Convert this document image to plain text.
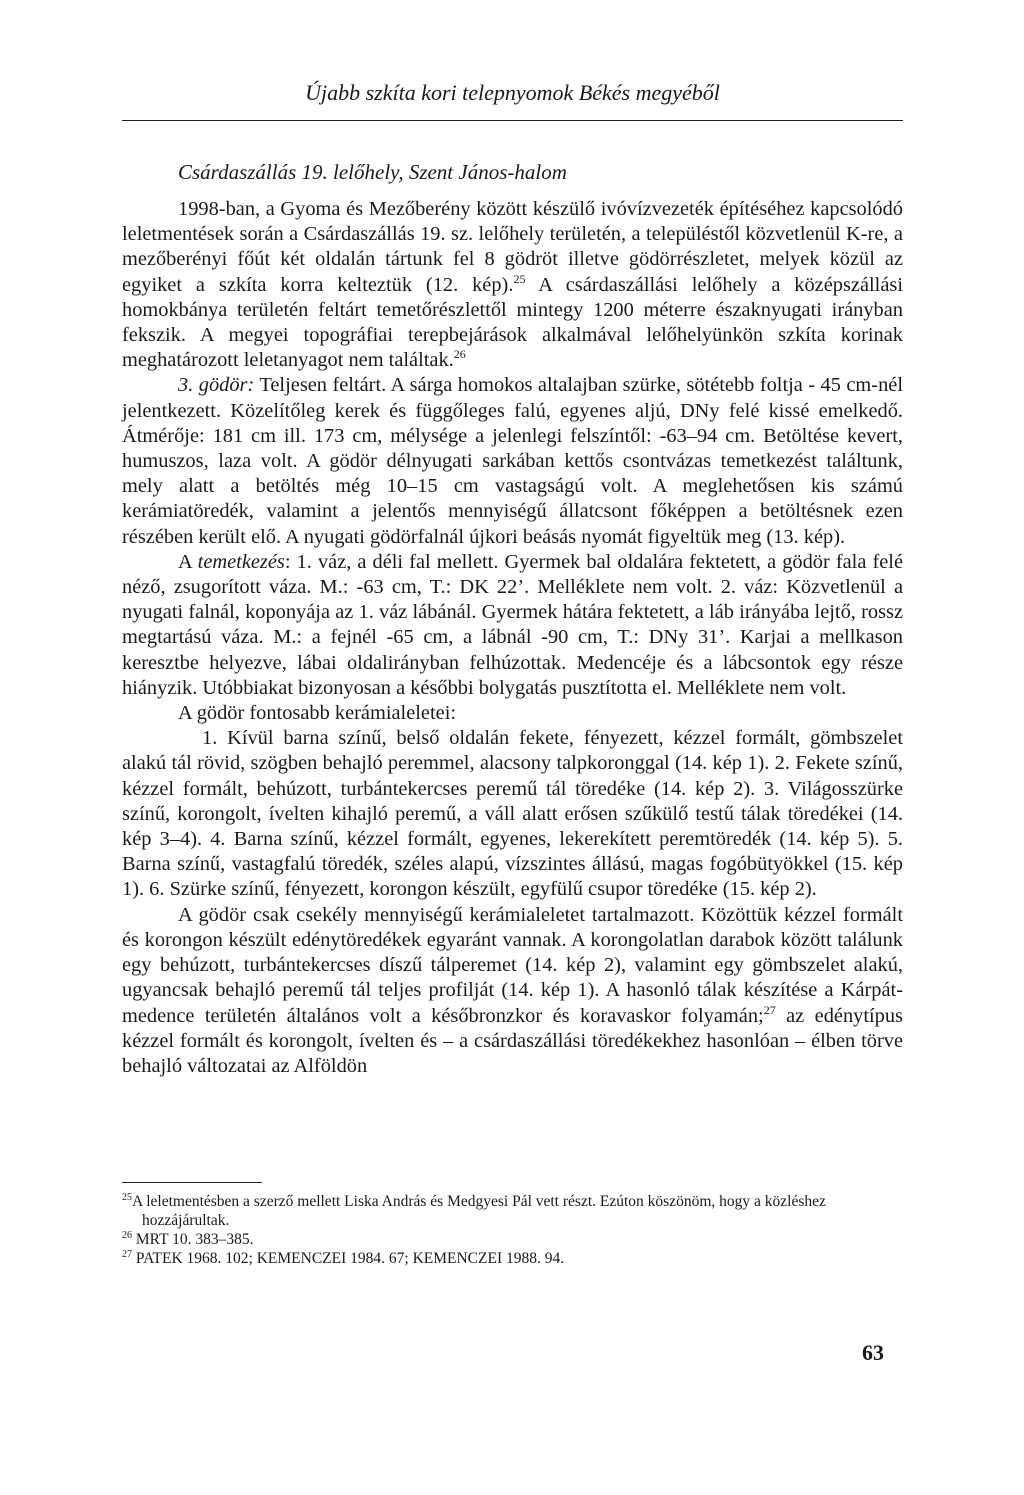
Újabb szkíta kori telepnyomok Békés megyéből
Csárdaszállás 19. lelőhely, Szent János-halom

1998-ban, a Gyoma és Mezőberény között készülő ivóvízvezeték építéséhez kapcsolódó leletmentések során a Csárdaszállás 19. sz. lelőhely területén, a településtől közvetlenül K-re, a mezőberényi főút két oldalán tártunk fel 8 gödröt illetve gödörrészletet, melyek közül az egyiket a szkíta korra kelteztük (12. kép).$^{25}$ A csárdaszállási lelőhely a középszállási homokbánya területén feltárt temetőrészlettől mintegy 1200 méterre északnyugati irányban fekszik. A megyei topográfiai terepbejárások alkalmával lelőhelyünkön szkíta korinak meghatározott leletanyagot nem találtak.$^{26}$

3. gödör: Teljesen feltárt. A sárga homokos altalajban szürke, sötétebb foltja - 45 cm-nél jelentkezett. Közelítőleg kerek és függőleges falú, egyenes aljú, DNy felé kissé emelkedő. Átmérője: 181 cm ill. 173 cm, mélysége a jelenlegi felszíntől: -63–94 cm. Betöltése kevert, humuszos, laza volt. A gödör délnyugati sarkában kettős csontvázas temetkezést találtunk, mely alatt a betöltés még 10–15 cm vastagságú volt. A meglehetősen kis számú kerámiatöredék, valamint a jelentős mennyiségű állatcsont főképpen a betöltésnek ezen részében került elő. A nyugati gödörfalnál újkori beásás nyomát figyeltük meg (13. kép).

A temetkezés: 1. váz, a déli fal mellett. Gyermek bal oldalára fektetett, a gödör fala felé néző, zsugorított váza. M.: -63 cm, T.: DK 22’. Melléklete nem volt. 2. váz: Közvetlenül a nyugati falnál, koponyája az 1. váz lábánál. Gyermek hátára fektetett, a láb irányába lejtő, rossz megtartású váza. M.: a fejnél -65 cm, a lábnál -90 cm, T.: DNy 31’. Karjai a mellkason keresztbe helyezve, lábai oldalirányban felhúzottak. Medencéje és a lábcsontok egy része hiányzik. Utóbbiakat bizonyosan a későbbi bolygatás pusztította el. Melléklete nem volt.

A gödör fontosabb kerámialeletei:

1. Kívül barna színű, belső oldalán fekete, fényezett, kézzel formált, gömbszelet alakú tál rövid, szögben behajló peremmel, alacsony talpkoronggal (14. kép 1). 2. Fekete színű, kézzel formált, behúzott, turbántekercses peremű tál töredéke (14. kép 2). 3. Világosszürke színű, korongolt, ívelten kihajló peremű, a váll alatt erősen szűkülő testű tálak töredékei (14. kép 3–4). 4. Barna színű, kézzel formált, egyenes, lekerekített peremtöredék (14. kép 5). 5. Barna színű, vastagfalú töredék, széles alapú, vízszintes állású, magas fogóbütyökkel (15. kép 1). 6. Szürke színű, fényezett, korongon készült, egyfülű csupor töredéke (15. kép 2).

A gödör csak csekély mennyiségű kerámialeletet tartalmazott. Közöttük kézzel formált és korongon készült edénytöredékek egyaránt vannak. A korongolatlan darabok között találunk egy behúzott, turbántekercses díszű tálperemet (14. kép 2), valamint egy gömbszelet alakú, ugyancsak behajló peremű tál teljes profilját (14. kép 1). A hasonló tálak készítése a Kárpát-medence területén általános volt a későbronzkor és koravaskor folyamán;$^{27}$ az edénytípus kézzel formált és korongolt, ívelten és – a csárdaszállási töredékekhez hasonlóan – élben törve behajló változatai az Alföldön

$^{25}$A leletmentésben a szerző mellett Liska András és Medgyesi Pál vett részt. Ezúton köszönöm, hogy a közléshez hozzájárultak.

$^{26}$ MRT 10. 383–385.

$^{27}$ PATEK 1968. 102; KEMENCZEI 1984. 67; KEMENCZEI 1988. 94.

63
